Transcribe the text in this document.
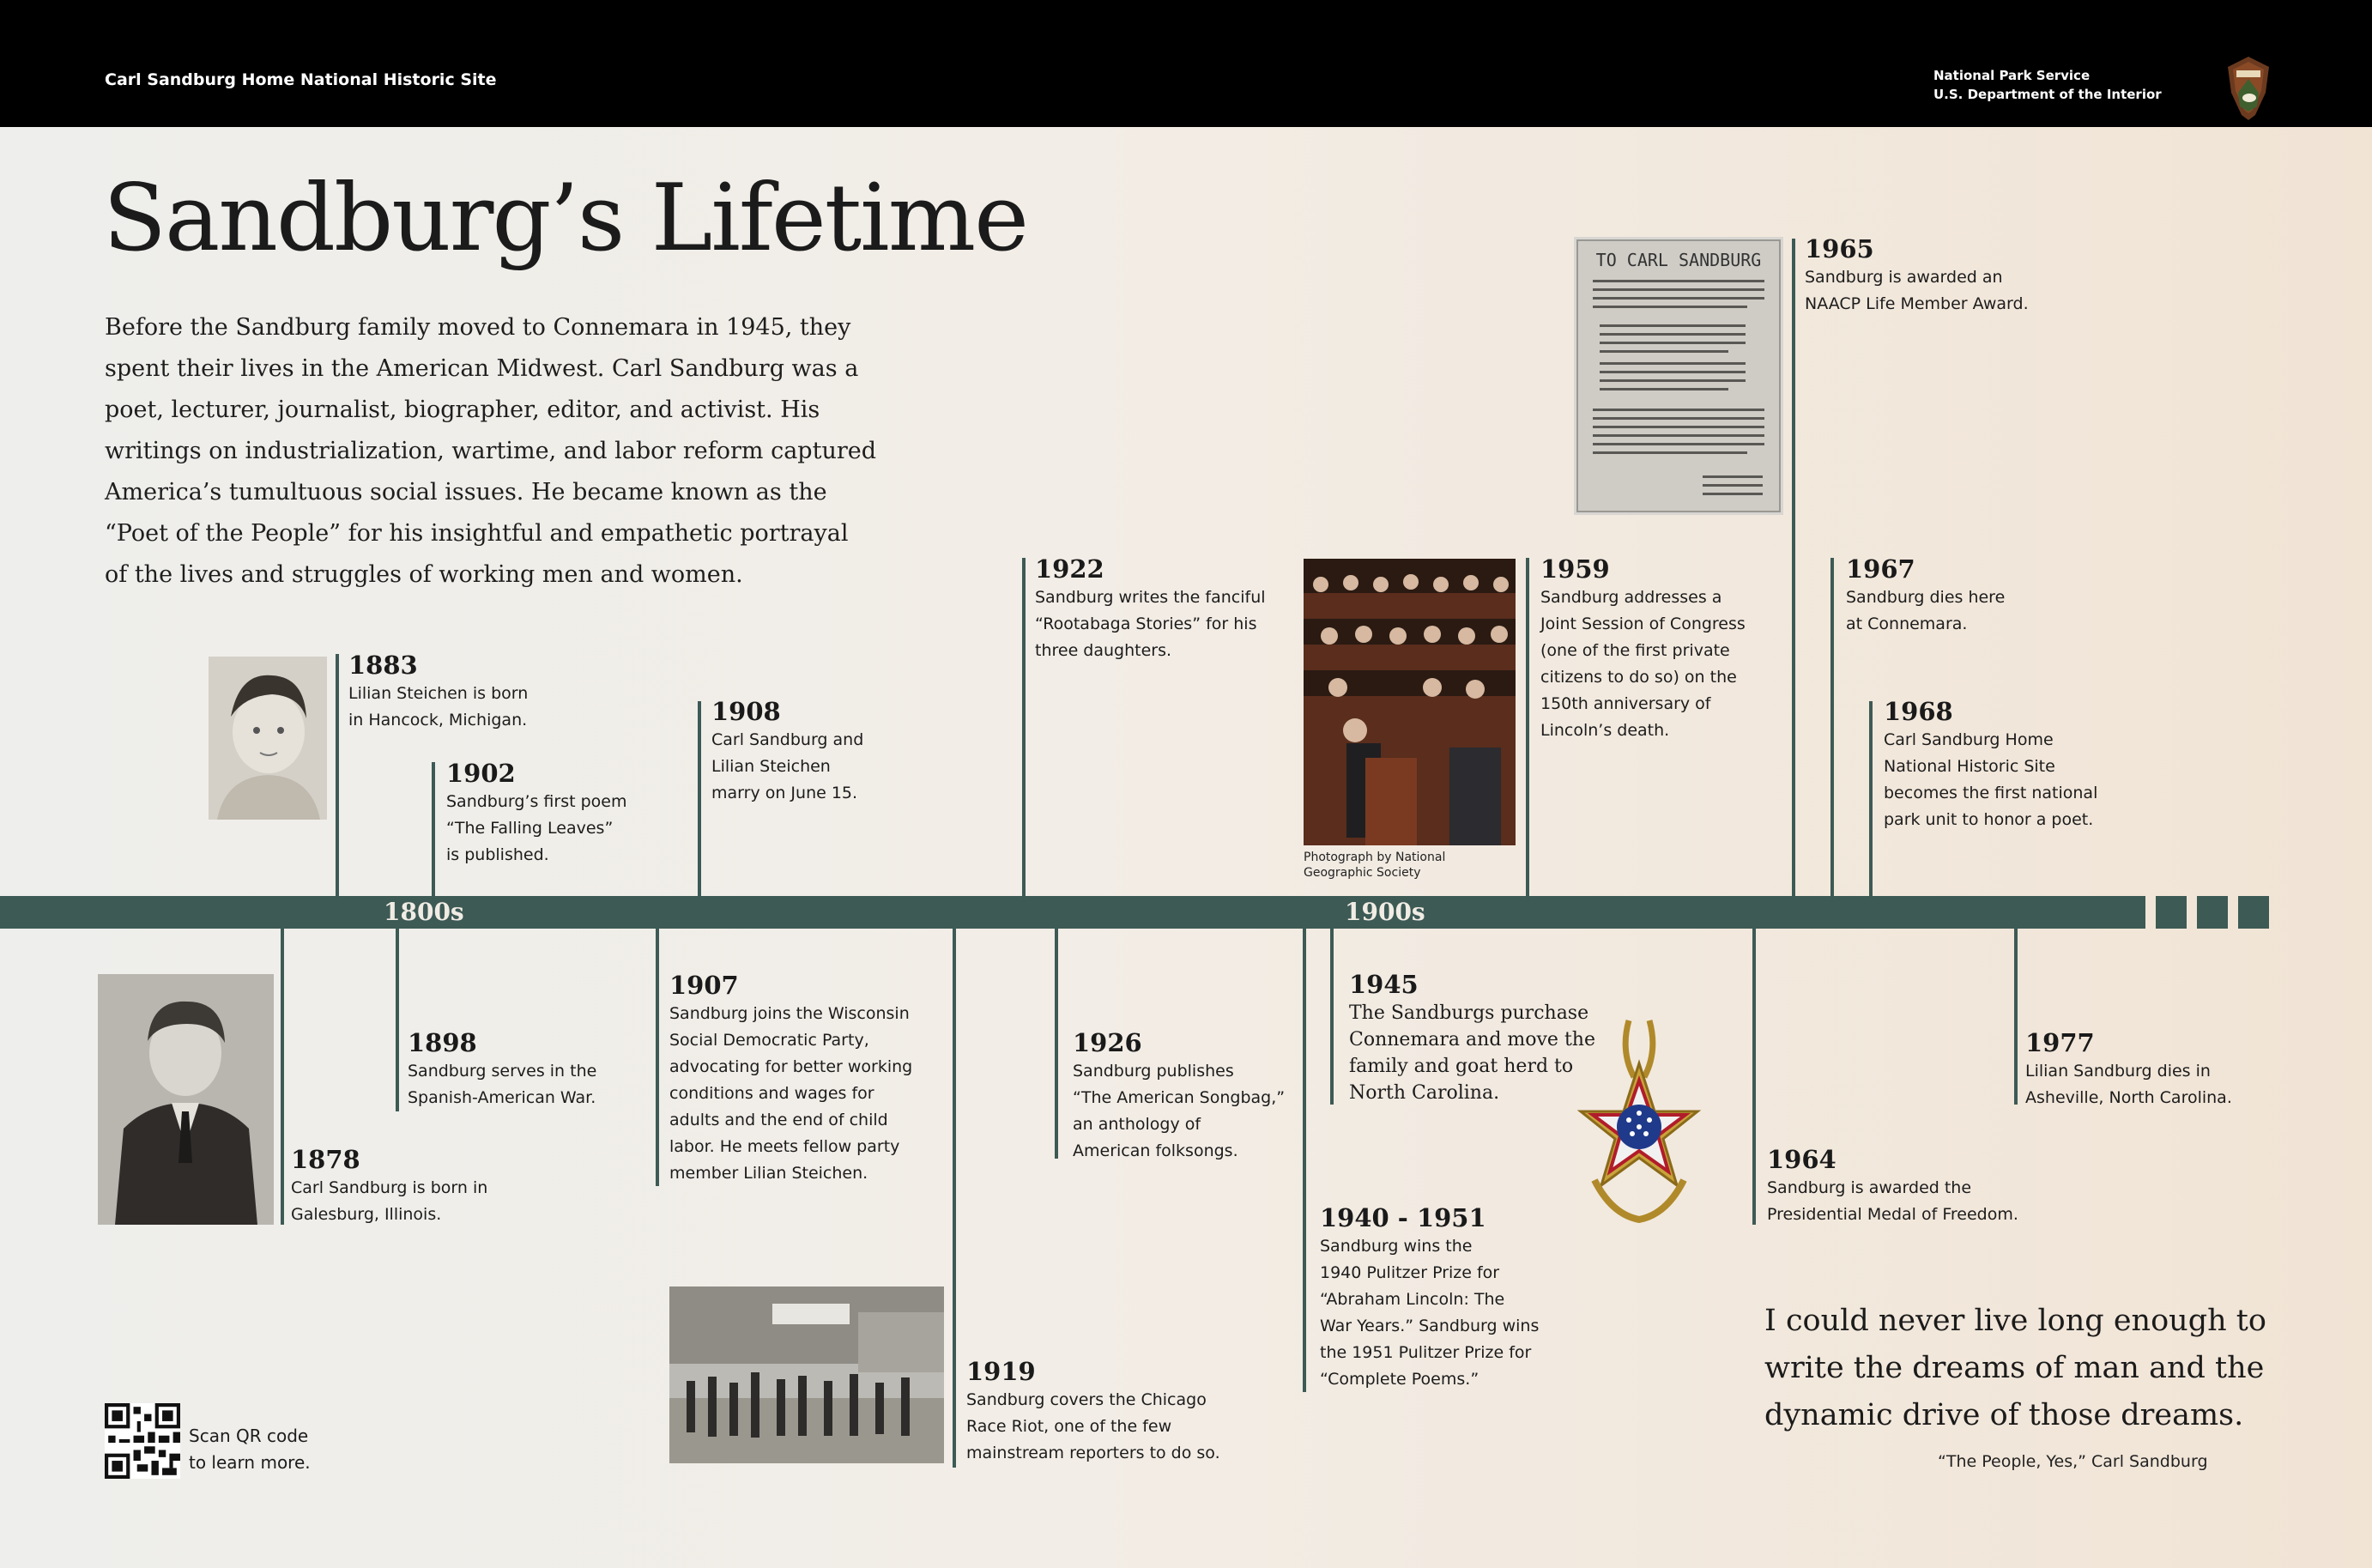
Carl Sandburg Home National Historic Site	National Park Service
U.S. Department of the Interior
Sandburg’s Lifetime
Before the Sandburg family moved to Connemara in 1945, they spent their lives in the American Midwest. Carl Sandburg was a poet, lecturer, journalist, biographer, editor, and activist. His writings on industrialization, wartime, and labor reform captured America’s tumultuous social issues. He became known as the “Poet of the People” for his insightful and empathetic portrayal of the lives and struggles of working men and women.
1800s	1900s
Photograph by National
Geographic Society
TO CARL SANDBURG
1883
Lilian Steichen is born
in Hancock, Michigan.
1902
Sandburg’s first poem
“The Falling Leaves”
is published.
1908
Carl Sandburg and
Lilian Steichen
marry on June 15.
1922
Sandburg writes the fanciful
“Rootabaga Stories” for his
three daughters.
1959
Sandburg addresses a
Joint Session of Congress
(one of the first private
citizens to do so) on the
150th anniversary of
Lincoln’s death.
1965
Sandburg is awarded an
NAACP Life Member Award.
1967
Sandburg dies here
at Connemara.
1968
Carl Sandburg Home
National Historic Site
becomes the first national
park unit to honor a poet.
1878
Carl Sandburg is born in
Galesburg, Illinois.
1898
Sandburg serves in the
Spanish-American War.
1907
Sandburg joins the Wisconsin
Social Democratic Party,
advocating for better working
conditions and wages for
adults and the end of child
labor. He meets fellow party
member Lilian Steichen.
1919
Sandburg covers the Chicago
Race Riot, one of the few
mainstream reporters to do so.
1926
Sandburg publishes
“The American Songbag,”
an anthology of
American folksongs.
1940 - 1951
Sandburg wins the
1940 Pulitzer Prize for
“Abraham Lincoln: The
War Years.” Sandburg wins
the 1951 Pulitzer Prize for
“Complete Poems.”
1945
The Sandburgs purchase
Connemara and move the
family and goat herd to
North Carolina.
1964
Sandburg is awarded the
Presidential Medal of Freedom.
1977
Lilian Sandburg dies in
Asheville, North Carolina.
I could never live long enough to write the dreams of man and the dynamic drive of those dreams.
“The People, Yes,” Carl Sandburg
Scan QR code
to learn more.
